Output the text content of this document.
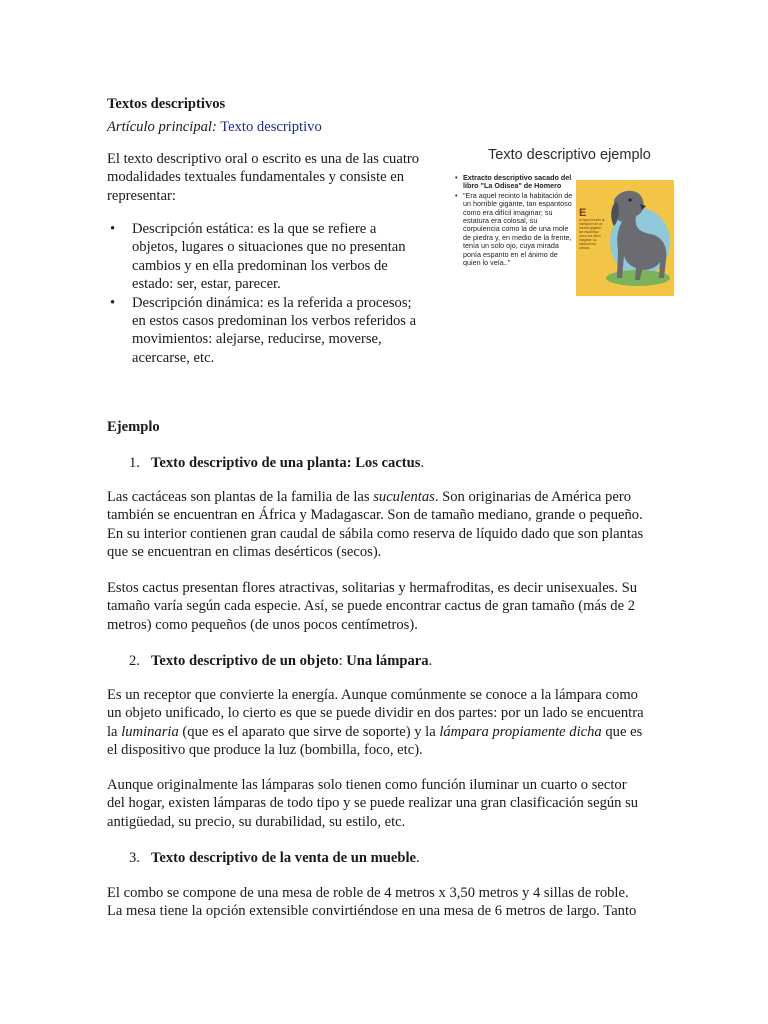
Textos descriptivos
Artículo principal: Texto descriptivo

El texto descriptivo oral o escrito es una de las cuatro

modalidades textuales fundamentales y consiste en

representar:

• Descripción estática: es la que se refiere a
objetos, lugares o situaciones que no presentan
cambios y en ella predominan los verbos de
estado: ser, estar, parecer.
• Descripción dinámica: es la referida a procesos;
en estos casos predominan los verbos referidos a
movimientos: alejarse, reducirse, moverse,
acercarse, etc.
Texto descriptivo ejemplo
• Extracto descriptivo sacado del libro "La Odisea" de Homero
• "Era aquel recinto la habitación de un horrible gigante, tan espantoso como era difícil imaginar; su estatura era colosal, su corpulencia como la de una mole de piedra y, en medio de la frente, tenía un solo ojo, cuya mirada ponía espanto en el ánimo de quien lo veía.."
E
ra aquel recinto la habitación de un horrible gigante, tan espantoso como era difícil imaginar; su estatura era colosal...
Ejemplo
1. Texto descriptivo de una planta: Los cactus.

Las cactáceas son plantas de la familia de las suculentas. Son originarias de América pero

también se encuentran en África y Madagascar. Son de tamaño mediano, grande o pequeño.

En su interior contienen gran caudal de sábila como reserva de líquido dado que son plantas

que se encuentran en climas desérticos (secos).

Estos cactus presentan flores atractivas, solitarias y hermafroditas, es decir unisexuales. Su

tamaño varía según cada especie. Así, se puede encontrar cactus de gran tamaño (más de 2

metros) como pequeños (de unos pocos centímetros).

2. Texto descriptivo de un objeto: Una lámpara.

Es un receptor que convierte la energía. Aunque comúnmente se conoce a la lámpara como

un objeto unificado, lo cierto es que se puede dividir en dos partes: por un lado se encuentra

la luminaria (que es el aparato que sirve de soporte) y la lámpara propiamente dicha que es

el dispositivo que produce la luz (bombilla, foco, etc).

Aunque originalmente las lámparas solo tienen como función iluminar un cuarto o sector

del hogar, existen lámparas de todo tipo y se puede realizar una gran clasificación según su

antigüedad, su precio, su durabilidad, su estilo, etc.

3. Texto descriptivo de la venta de un mueble.

El combo se compone de una mesa de roble de 4 metros x 3,50 metros y 4 sillas de roble.

La mesa tiene la opción extensible convirtiéndose en una mesa de 6 metros de largo. Tanto
